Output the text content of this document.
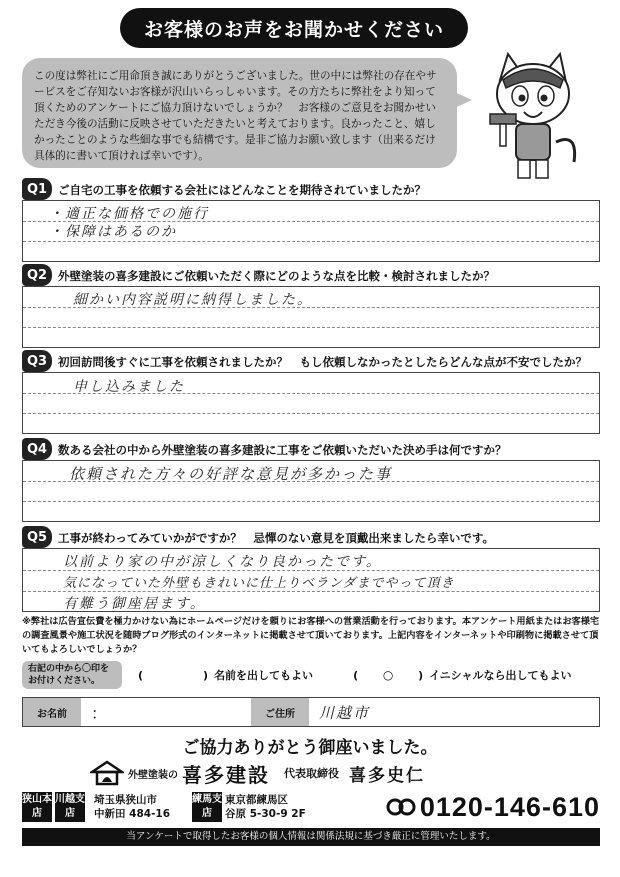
お客様のお声をお聞かせください
この度は弊社にご用命頂き誠にありがとうございました。世の中には弊社の存在やサービスをご存知ないお客様が沢山いらっしゃいます。その方たちに弊社をより知って頂くためのアンケートにご協力頂けないでしょうか？　お客様のご意見をお聞かせいただき今後の活動に反映させていただきたいと考えております。良かったこと、嬉しかったことのような些細な事でも結構です。是非ご協力お願い致します（出来るだけ具体的に書いて頂ければ幸いです）。
Q1 ご自宅の工事を依頼する会社にはどんなことを期待されていましたか？
・適正な価格での施行
・保障はあるのか
Q2 外壁塗装の喜多建設にご依頼いただく際にどのような点を比較・検討されましたか？
細かい内容説明に納得しました。
Q3 初回訪問後すぐに工事を依頼されましたか？　もし依頼しなかったとしたらどんな点が不安でしたか？
申し込みました
Q4 数ある会社の中から外壁塗装の喜多建設に工事をご依頼いただいた決め手は何ですか？
依頼された方々の好評な意見が多かった事
Q5 工事が終わってみていかがですか？　忌憚のない意見を頂戴出来ましたら幸いです。
以前より家の中が涼しくなり良かったです。
気になっていた外壁もきれいに仕上りベランダまでやって頂き
有難う御座居ます。
※弊社は広告宣伝費を極力かけない為にホームページだけを頼りにお客様への営業活動を行っております。本アンケート用紙またはお客様宅の調査風景や施工状況を随時ブログ形式のインターネットに掲載させて頂いております。上記内容をインターネットや印刷物に掲載させて頂いてもよろしいでしょうか？
右記の中から〇印をお付けください。	(	) 名前を出してもよい	(	○	) イニシャルなら出してもよい
お名前	：	ご住所	川越市
ご協力ありがとう御座いました。
外壁塗装の 喜多建設 代表取締役 喜多史仁
狭山本店
川越支店
埼玉県狭山市
中新田 484-16
練馬支店
東京都練馬区
谷原 5-30-9 2F	0120-146-610
当アンケートで取得したお客様の個人情報は関係法規に基づき厳正に管理いたします。
